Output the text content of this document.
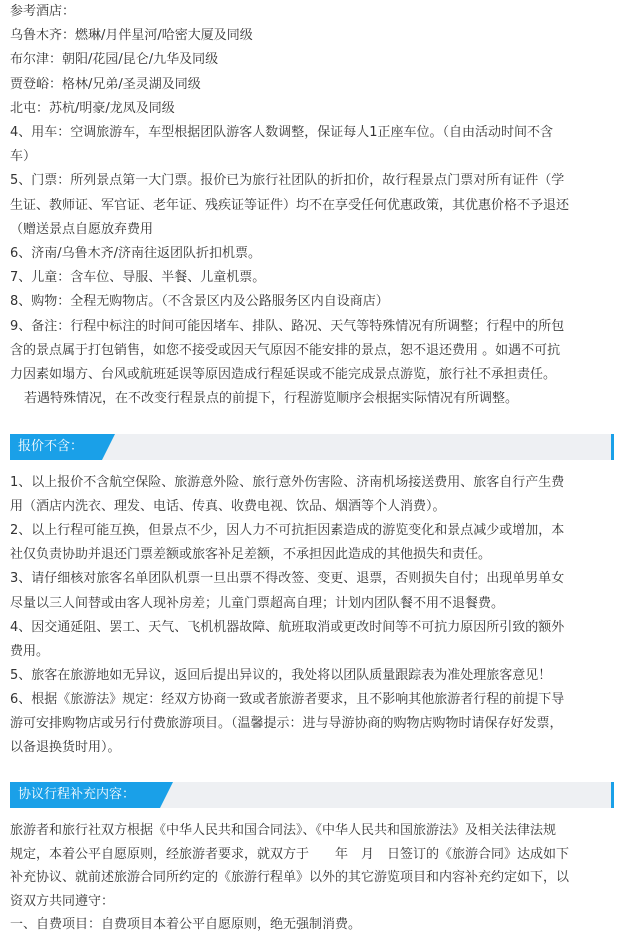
参考酒店：
乌鲁木齐：燃琳/月伴星河/哈密大厦及同级
布尔津：朝阳/花园/昆仑/九华及同级
贾登峪：格林/兄弟/圣灵湖及同级
北屯：苏杭/明豪/龙凤及同级
4、用车：空调旅游车，车型根据团队游客人数调整，保证每人1正座车位。（自由活动时间不含
车）
5、门票：所列景点第一大门票。报价已为旅行社团队的折扣价，故行程景点门票对所有证件（学
生证、教师证、军官证、老年证、残疾证等证件）均不在享受任何优惠政策，其优惠价格不予退还
（赠送景点自愿放弃费用
6、济南/乌鲁木齐/济南往返团队折扣机票。
7、儿童：含车位、导服、半餐、儿童机票。
8、购物：全程无购物店。（不含景区内及公路服务区内自设商店）
9、备注：行程中标注的时间可能因堵车、排队、路况、天气等特殊情况有所调整；行程中的所包
含的景点属于打包销售，如您不接受或因天气原因不能安排的景点，恕不退还费用 。如遇不可抗
力因素如塌方、台风或航班延误等原因造成行程延误或不能完成景点游览，旅行社不承担责任。
若遇特殊情况，在不改变行程景点的前提下，行程游览顺序会根据实际情况有所调整。
报价不含：
1、以上报价不含航空保险、旅游意外险、旅行意外伤害险、济南机场接送费用、旅客自行产生费
用（酒店内洗衣、理发、电话、传真、收费电视、饮品、烟酒等个人消费）。
2、以上行程可能互换，但景点不少，因人力不可抗拒因素造成的游览变化和景点减少或增加，本
社仅负责协助并退还门票差额或旅客补足差额，不承担因此造成的其他损失和责任。
3、请仔细核对旅客名单团队机票一旦出票不得改签、变更、退票，否则损失自付；出现单男单女
尽量以三人间替或由客人现补房差；儿童门票超高自理；计划内团队餐不用不退餐费。
4、因交通延阻、罢工、天气、飞机机器故障、航班取消或更改时间等不可抗力原因所引致的额外
费用。
5、旅客在旅游地如无异议，返回后提出异议的，我处将以团队质量跟踪表为准处理旅客意见！
6、根据《旅游法》规定：经双方协商一致或者旅游者要求，且不影响其他旅游者行程的前提下导
游可安排购物店或另行付费旅游项目。（温馨提示：进与导游协商的购物店购物时请保存好发票，
以备退换货时用）。
协议行程补充内容：
旅游者和旅行社双方根据《中华人民共和国合同法》、《中华人民共和国旅游法》及相关法律法规
规定，本着公平自愿原则，经旅游者要求，就双方于　　年　月　日签订的《旅游合同》达成如下
补充协议、就前述旅游合同所约定的《旅游行程单》以外的其它游览项目和内容补充约定如下，以
资双方共同遵守：
一、自费项目：自费项目本着公平自愿原则，绝无强制消费。
